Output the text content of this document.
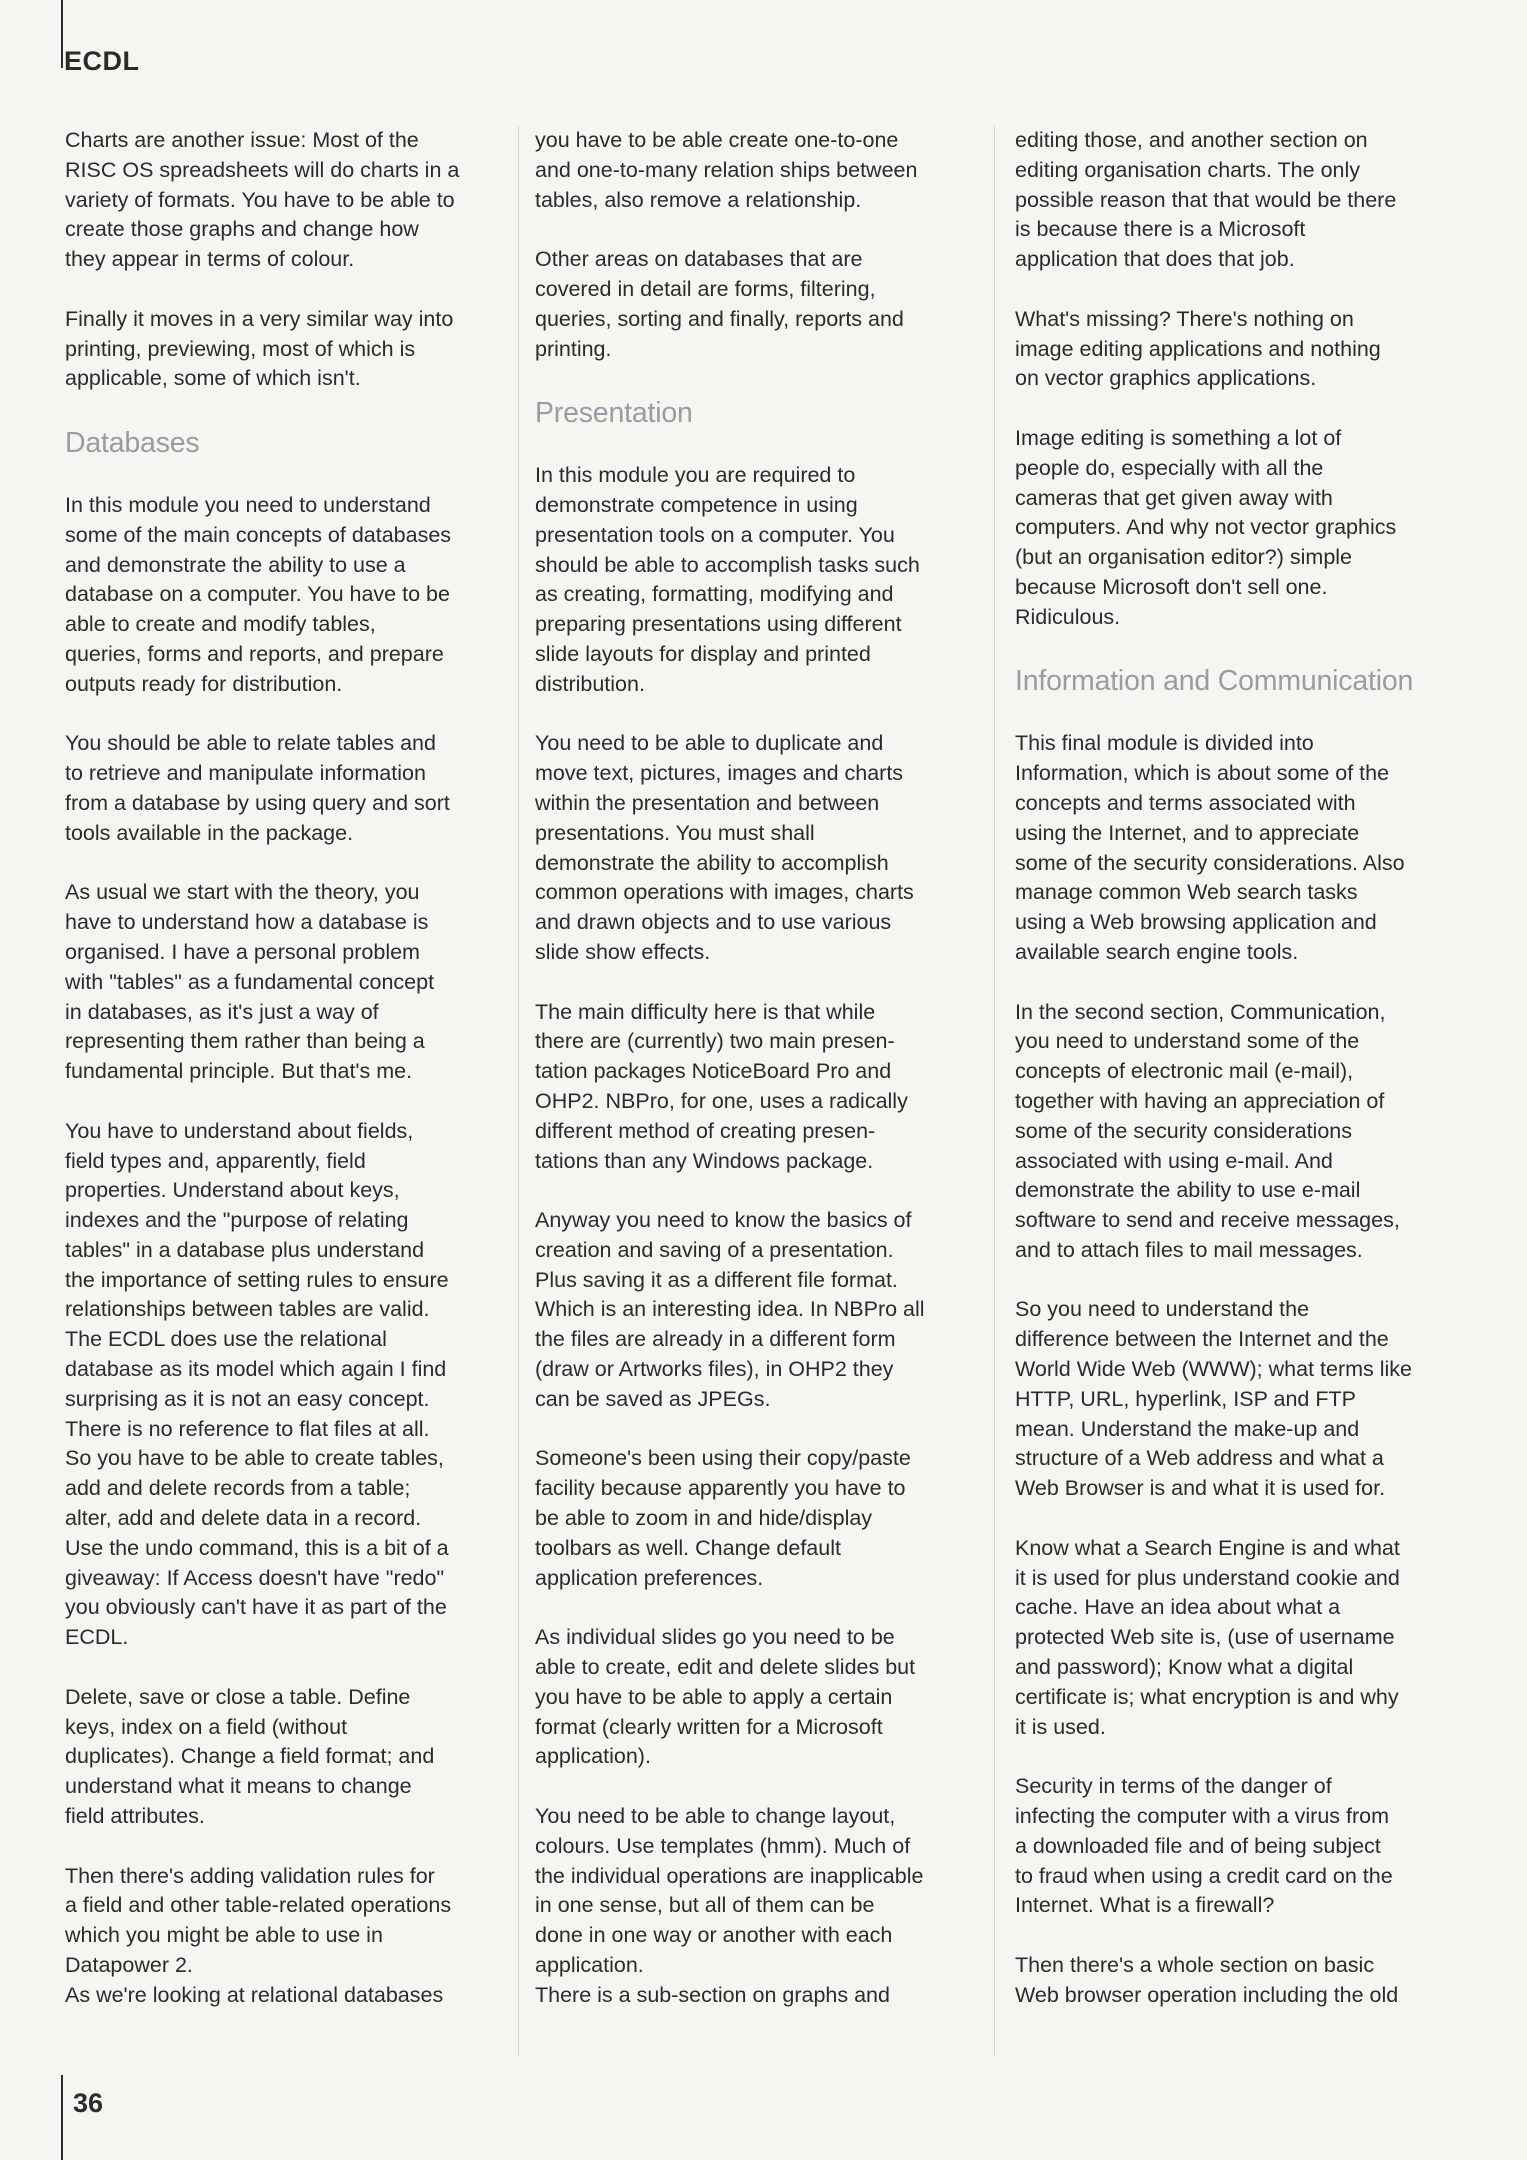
ECDL

Charts are another issue: Most of the
RISC OS spreadsheets will do charts in a
variety of formats. You have to be able to
create those graphs and change how
they appear in terms of colour.

Finally it moves in a very similar way into
printing, previewing, most of which is
applicable, some of which isn't.

Databases

In this module you need to understand
some of the main concepts of databases
and demonstrate the ability to use a
database on a computer. You have to be
able to create and modify tables,
queries, forms and reports, and prepare
outputs ready for distribution.

You should be able to relate tables and
to retrieve and manipulate information
from a database by using query and sort
tools available in the package.

As usual we start with the theory, you
have to understand how a database is
organised. I have a personal problem
with "tables" as a fundamental concept
in databases, as it's just a way of
representing them rather than being a
fundamental principle. But that's me.

You have to understand about fields,
field types and, apparently, field
properties. Understand about keys,
indexes and the "purpose of relating
tables" in a database plus understand
the importance of setting rules to ensure
relationships between tables are valid.
The ECDL does use the relational
database as its model which again I find
surprising as it is not an easy concept.
There is no reference to flat files at all.
So you have to be able to create tables,
add and delete records from a table;
alter, add and delete data in a record.
Use the undo command, this is a bit of a
giveaway: If Access doesn't have "redo"
you obviously can't have it as part of the
ECDL.

Delete, save or close a table. Define
keys, index on a field (without
duplicates). Change a field format; and
understand what it means to change
field attributes.

Then there's adding validation rules for
a field and other table-related operations
which you might be able to use in
Datapower 2.

As we're looking at relational databases

you have to be able create one-to-one
and one-to-many relation ships between
tables, also remove a relationship.

Other areas on databases that are
covered in detail are forms, filtering,
queries, sorting and finally, reports and
printing.

Presentation

In this module you are required to
demonstrate competence in using
presentation tools on a computer. You
should be able to accomplish tasks such
as creating, formatting, modifying and
preparing presentations using different
slide layouts for display and printed
distribution.

You need to be able to duplicate and
move text, pictures, images and charts
within the presentation and between
presentations. You must shall
demonstrate the ability to accomplish
common operations with images, charts
and drawn objects and to use various
slide show effects.

The main difficulty here is that while
there are (currently) two main presen-
tation packages NoticeBoard Pro and
OHP2. NBPro, for one, uses a radically
different method of creating presen-
tations than any Windows package.

Anyway you need to know the basics of
creation and saving of a presentation.
Plus saving it as a different file format.
Which is an interesting idea. In NBPro all
the files are already in a different form
(draw or Artworks files), in OHP2 they
can be saved as JPEGs.

Someone's been using their copy/paste
facility because apparently you have to
be able to zoom in and hide/display
toolbars as well. Change default
application preferences.

As individual slides go you need to be
able to create, edit and delete slides but
you have to be able to apply a certain
format (clearly written for a Microsoft
application).

You need to be able to change layout,
colours. Use templates (hmm). Much of
the individual operations are inapplicable
in one sense, but all of them can be
done in one way or another with each
application.

There is a sub-section on graphs and

editing those, and another section on
editing organisation charts. The only
possible reason that that would be there
is because there is a Microsoft
application that does that job.

What's missing? There's nothing on
image editing applications and nothing
on vector graphics applications.

Image editing is something a lot of
people do, especially with all the
cameras that get given away with
computers. And why not vector graphics
(but an organisation editor?) simple
because Microsoft don't sell one.
Ridiculous.

Information and Communication

This final module is divided into
Information, which is about some of the
concepts and terms associated with
using the Internet, and to appreciate
some of the security considerations. Also
manage common Web search tasks
using a Web browsing application and
available search engine tools.

In the second section, Communication,
you need to understand some of the
concepts of electronic mail (e-mail),
together with having an appreciation of
some of the security considerations
associated with using e-mail. And
demonstrate the ability to use e-mail
software to send and receive messages,
and to attach files to mail messages.

So you need to understand the
difference between the Internet and the
World Wide Web (WWW); what terms like
HTTP, URL, hyperlink, ISP and FTP
mean. Understand the make-up and
structure of a Web address and what a
Web Browser is and what it is used for.

Know what a Search Engine is and what
it is used for plus understand cookie and
cache. Have an idea about what a
protected Web site is, (use of username
and password); Know what a digital
certificate is; what encryption is and why
it is used.

Security in terms of the danger of
infecting the computer with a virus from
a downloaded file and of being subject
to fraud when using a credit card on the
Internet. What is a firewall?

Then there's a whole section on basic
Web browser operation including the old

36
